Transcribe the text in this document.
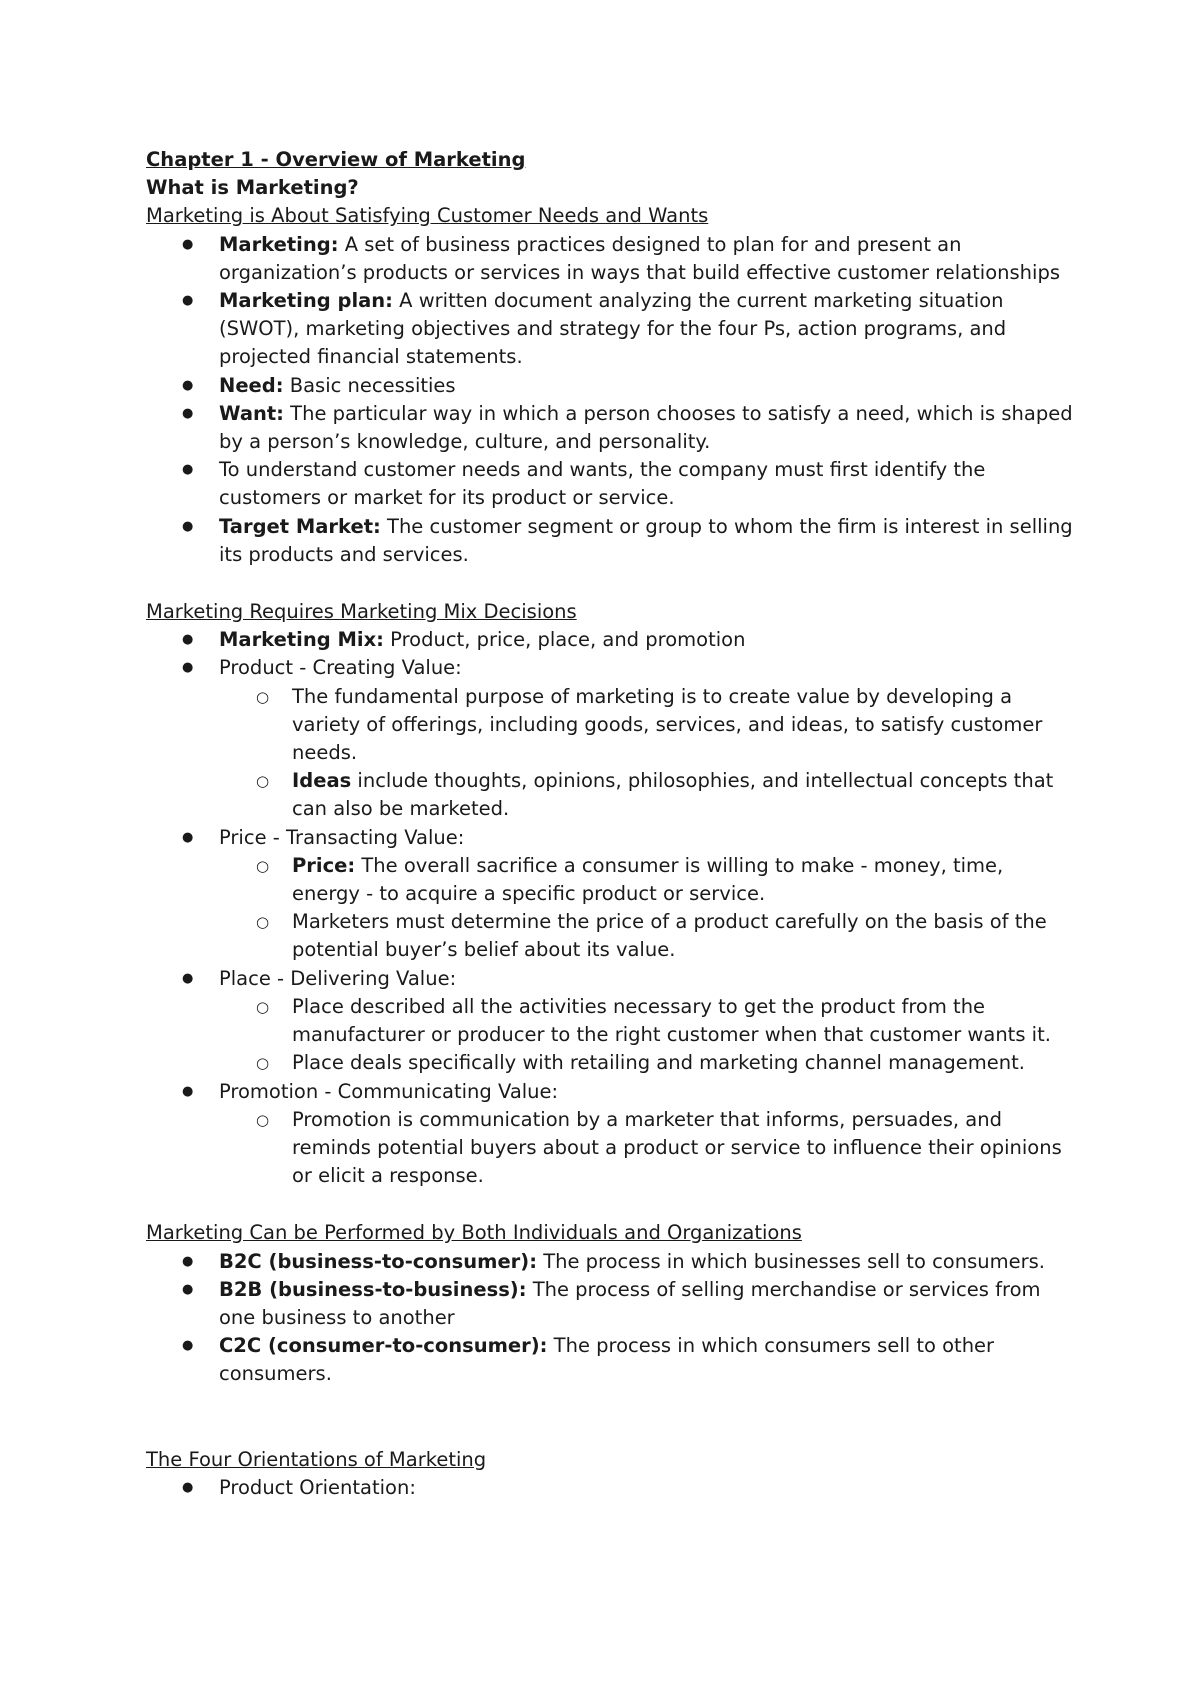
Chapter 1 - Overview of Marketing

What is Marketing?

Marketing is About Satisfying Customer Needs and Wants

● Marketing: A set of business practices designed to plan for and present an organization’s products or services in ways that build effective customer relationships
● Marketing plan: A written document analyzing the current marketing situation (SWOT), marketing objectives and strategy for the four Ps, action programs, and projected financial statements.
● Need: Basic necessities
● Want: The particular way in which a person chooses to satisfy a need, which is shaped by a person’s knowledge, culture, and personality.
● To understand customer needs and wants, the company must first identify the customers or market for its product or service.
● Target Market: The customer segment or group to whom the firm is interest in selling its products and services.

Marketing Requires Marketing Mix Decisions

● Marketing Mix: Product, price, place, and promotion
● Product - Creating Value:
○ The fundamental purpose of marketing is to create value by developing a variety of offerings, including goods, services, and ideas, to satisfy customer needs.
○ Ideas include thoughts, opinions, philosophies, and intellectual concepts that can also be marketed.
● Price - Transacting Value:
○ Price: The overall sacrifice a consumer is willing to make - money, time, energy - to acquire a specific product or service.
○ Marketers must determine the price of a product carefully on the basis of the potential buyer’s belief about its value.
● Place - Delivering Value:
○ Place described all the activities necessary to get the product from the manufacturer or producer to the right customer when that customer wants it.
○ Place deals specifically with retailing and marketing channel management.
● Promotion - Communicating Value:
○ Promotion is communication by a marketer that informs, persuades, and reminds potential buyers about a product or service to influence their opinions or elicit a response.

Marketing Can be Performed by Both Individuals and Organizations

● B2C (business-to-consumer): The process in which businesses sell to consumers.
● B2B (business-to-business): The process of selling merchandise or services from one business to another
● C2C (consumer-to-consumer): The process in which consumers sell to other consumers.

The Four Orientations of Marketing

● Product Orientation:
